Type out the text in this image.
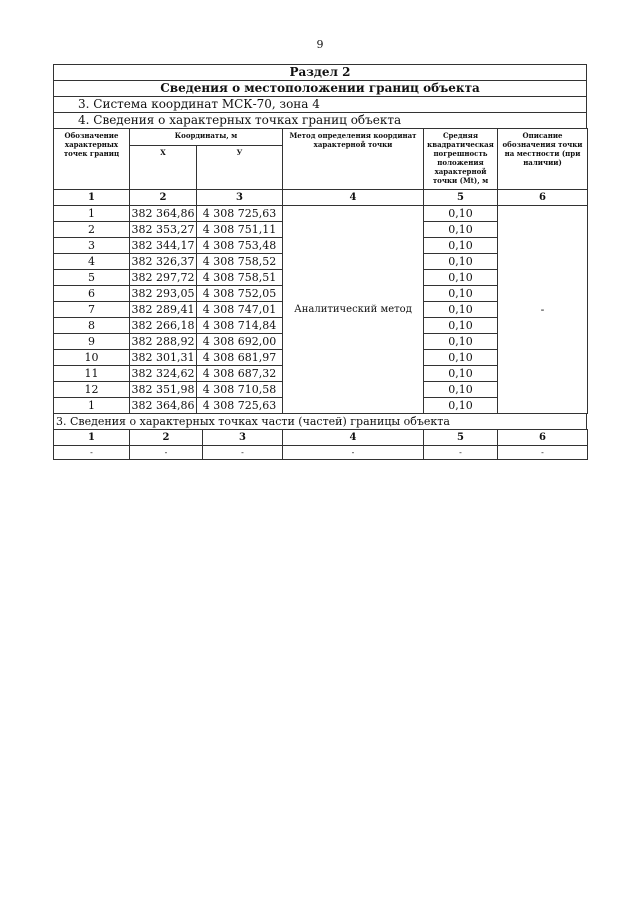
9
Раздел 2
Сведения о местоположении границ объекта
3. Система координат МСК-70, зона 4
4. Сведения о характерных точках границ объекта
Обозначение характерных точек границ	Координаты, м		Метод определения координат характерной точки	Средняя квадратическая погрешность положения характерной точки (Mt), м	Описание обозначения точки на местности (при наличии)
	X	У			
1	2	3	4	5	6
1	382 364,86	4 308 725,63	Аналитический метод	0,10	-
2	382 353,27	4 308 751,11		0,10	
3	382 344,17	4 308 753,48		0,10	
4	382 326,37	4 308 758,52		0,10	
5	382 297,72	4 308 758,51		0,10	
6	382 293,05	4 308 752,05		0,10	
7	382 289,41	4 308 747,01		0,10	
8	382 266,18	4 308 714,84		0,10	
9	382 288,92	4 308 692,00		0,10	
10	382 301,31	4 308 681,97		0,10	
11	382 324,62	4 308 687,32		0,10	
12	382 351,98	4 308 710,58		0,10	
1	382 364,86	4 308 725,63		0,10	
3. Сведения о характерных точках части (частей) границы объекта
1	2	3	4	5	6
-	-	-	-	-	-
